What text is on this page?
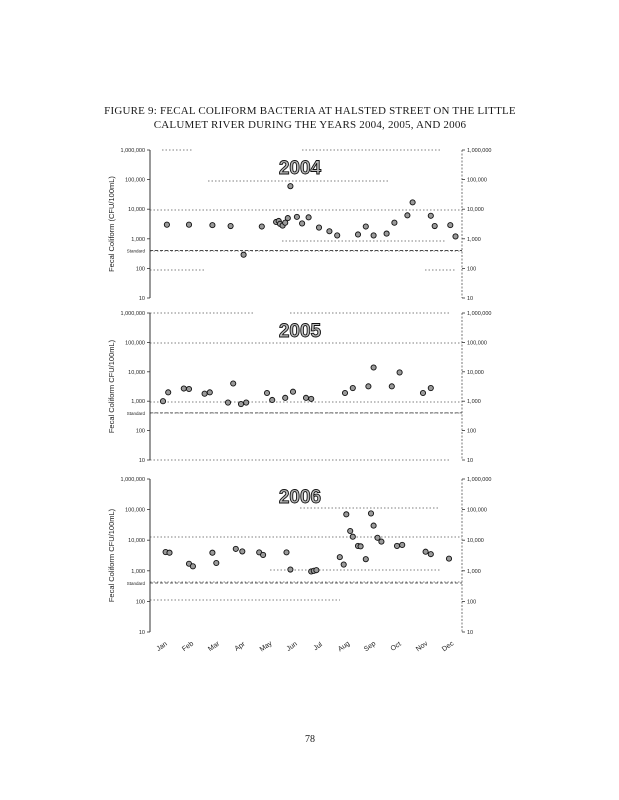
FIGURE 9: FECAL COLIFORM BACTERIA AT HALSTED STREET ON THE LITTLE
CALUMET RIVER DURING THE YEARS 2004, 2005, AND 2006
10
100
1,000
10,000
100,000
1,000,000
10
100
1,000
10,000
100,000
1,000,000
Standard
Fecal Coliform (CFU/100mL)
2004
10
100
1,000
10,000
100,000
1,000,000
10
100
1,000
10,000
100,000
1,000,000
Standard
Fecal Coliform CFU/100mL)
2005
10
100
1,000
10,000
100,000
1,000,000
10
100
1,000
10,000
100,000
1,000,000
Standard
Fecal Coliform CFU/100mL)
2006
Jan Feb Mar Apr May Jun Jul Aug Sep Oct Nov Dec
78
